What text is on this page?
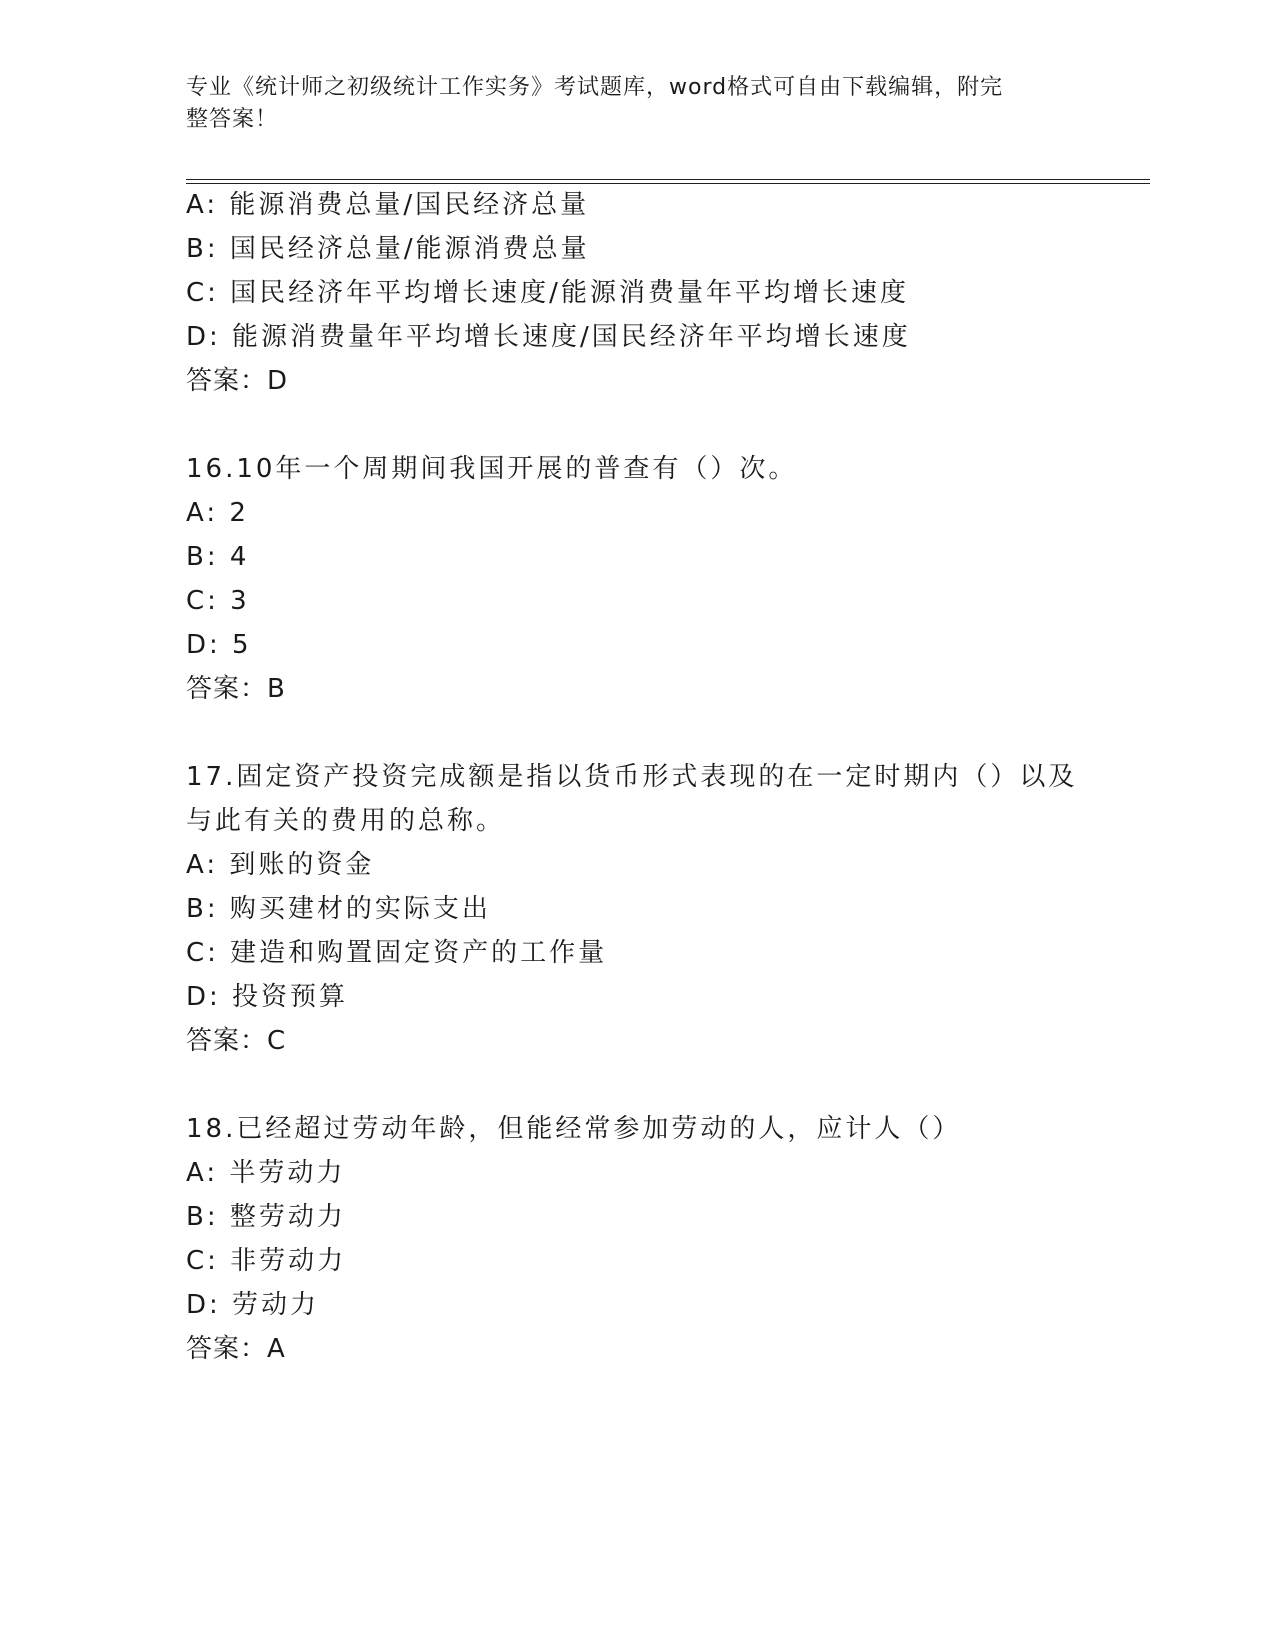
专业《统计师之初级统计工作实务》考试题库，word格式可自由下载编辑，附完
整答案！
A: 能源消费总量/国民经济总量
B: 国民经济总量/能源消费总量
C: 国民经济年平均增长速度/能源消费量年平均增长速度
D: 能源消费量年平均增长速度/国民经济年平均增长速度
答案：D
16.10年一个周期间我国开展的普查有（）次。
A: 2
B: 4
C: 3
D: 5
答案：B
17.固定资产投资完成额是指以货币形式表现的在一定时期内（）以及
与此有关的费用的总称。
A: 到账的资金
B: 购买建材的实际支出
C: 建造和购置固定资产的工作量
D: 投资预算
答案：C
18.已经超过劳动年龄，但能经常参加劳动的人，应计人（）
A: 半劳动力
B: 整劳动力
C: 非劳动力
D: 劳动力
答案：A
